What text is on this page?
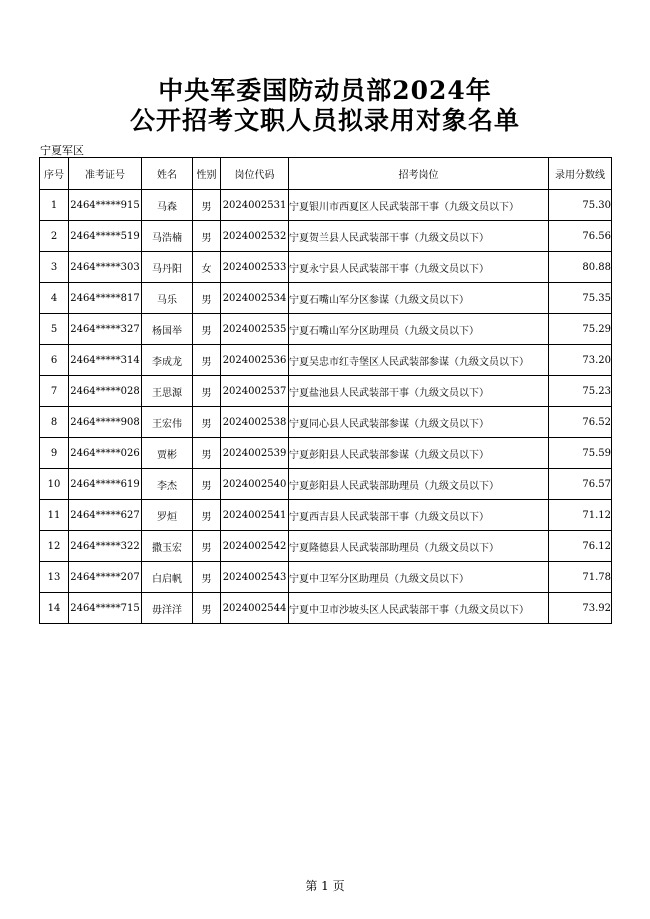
中央军委国防动员部2024年
公开招考文职人员拟录用对象名单
宁夏军区
序号	准考证号	姓名	性别	岗位代码	招考岗位	录用分数线
1	2464*****915	马森	男	2024002531	宁夏银川市西夏区人民武装部干事（九级文员以下）	75.30
2	2464*****519	马浩楠	男	2024002532	宁夏贺兰县人民武装部干事（九级文员以下）	76.56
3	2464*****303	马丹阳	女	2024002533	宁夏永宁县人民武装部干事（九级文员以下）	80.88
4	2464*****817	马乐	男	2024002534	宁夏石嘴山军分区参谋（九级文员以下）	75.35
5	2464*****327	杨国举	男	2024002535	宁夏石嘴山军分区助理员（九级文员以下）	75.29
6	2464*****314	李成龙	男	2024002536	宁夏吴忠市红寺堡区人民武装部参谋（九级文员以下）	73.20
7	2464*****028	王思源	男	2024002537	宁夏盐池县人民武装部干事（九级文员以下）	75.23
8	2464*****908	王宏伟	男	2024002538	宁夏同心县人民武装部参谋（九级文员以下）	76.52
9	2464*****026	贾彬	男	2024002539	宁夏彭阳县人民武装部参谋（九级文员以下）	75.59
10	2464*****619	李杰	男	2024002540	宁夏彭阳县人民武装部助理员（九级文员以下）	76.57
11	2464*****627	罗烜	男	2024002541	宁夏西吉县人民武装部干事（九级文员以下）	71.12
12	2464*****322	撒玉宏	男	2024002542	宁夏隆德县人民武装部助理员（九级文员以下）	76.12
13	2464*****207	白启帆	男	2024002543	宁夏中卫军分区助理员（九级文员以下）	71.78
14	2464*****715	毋洋洋	男	2024002544	宁夏中卫市沙坡头区人民武装部干事（九级文员以下）	73.92
第 1 页
